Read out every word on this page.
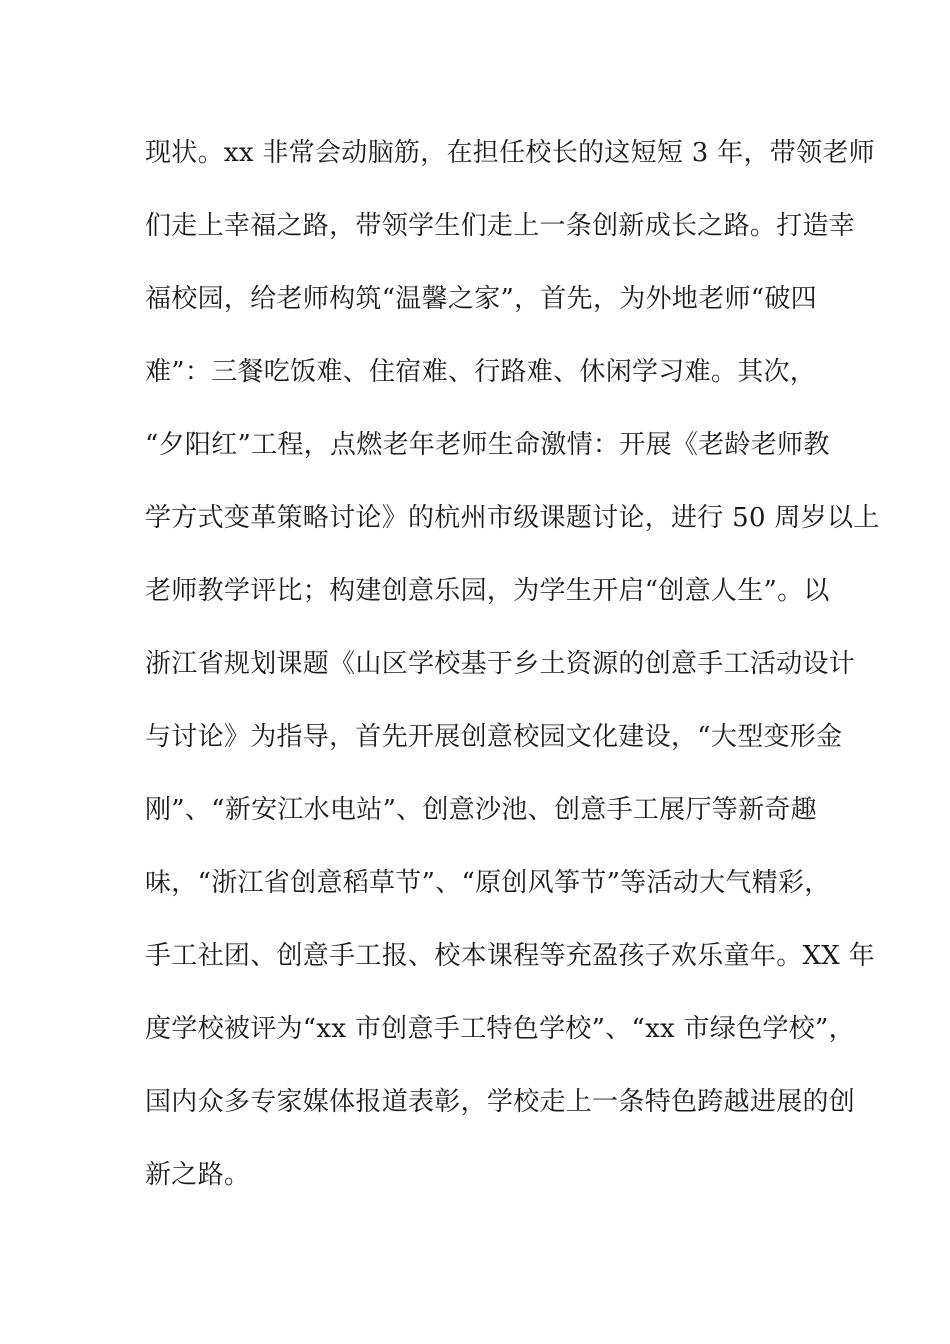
现状。xx 非常会动脑筋，在担任校长的这短短 3 年，带领老师
们走上幸福之路，带领学生们走上一条创新成长之路。打造幸
福校园，给老师构筑“温馨之家”，首先，为外地老师“破四
难”：三餐吃饭难、住宿难、行路难、休闲学习难。其次，
“夕阳红”工程，点燃老年老师生命激情：开展《老龄老师教
学方式变革策略讨论》的杭州市级课题讨论，进行 50 周岁以上
老师教学评比；构建创意乐园，为学生开启“创意人生”。以
浙江省规划课题《山区学校基于乡土资源的创意手工活动设计
与讨论》为指导，首先开展创意校园文化建设，“大型变形金
刚”、“新安江水电站”、创意沙池、创意手工展厅等新奇趣
味，“浙江省创意稻草节”、“原创风筝节”等活动大气精彩，
手工社团、创意手工报、校本课程等充盈孩子欢乐童年。XX 年
度学校被评为“xx 市创意手工特色学校”、“xx 市绿色学校”，
国内众多专家媒体报道表彰，学校走上一条特色跨越进展的创
新之路。
